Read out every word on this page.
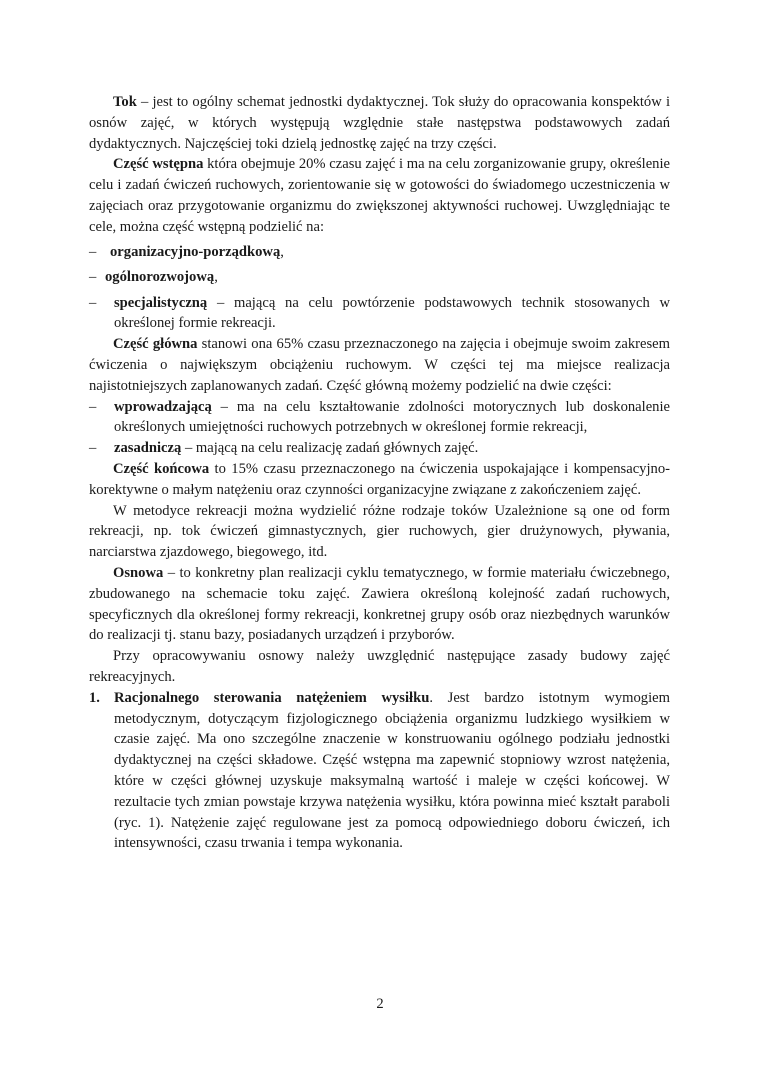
Tok – jest to ogólny schemat jednostki dydaktycznej. Tok służy do opracowania konspektów i osnów zajęć, w których występują względnie stałe następstwa podstawowych zadań dydaktycznych. Najczęściej toki dzielą jednostkę zajęć na trzy części.

Część wstępna która obejmuje 20% czasu zajęć i ma na celu zorganizowanie grupy, określenie celu i zadań ćwiczeń ruchowych, zorientowanie się w gotowości do świadomego uczestniczenia w zajęciach oraz przygotowanie organizmu do zwiększonej aktywności ruchowej. Uwzględniając te cele, można część wstępną podzielić na:

– organizacyjno-porządkową,
– ogólnorozwojową,
– specjalistyczną – mającą na celu powtórzenie podstawowych technik stosowanych w określonej formie rekreacji.

Część główna stanowi ona 65% czasu przeznaczonego na zajęcia i obejmuje swoim zakresem ćwiczenia o największym obciążeniu ruchowym. W części tej ma miejsce realizacja najistotniejszych zaplanowanych zadań. Część główną możemy podzielić na dwie części:

– wprowadzającą – ma na celu kształtowanie zdolności motorycznych lub doskonalenie określonych umiejętności ruchowych potrzebnych w określonej formie rekreacji,
– zasadniczą – mającą na celu realizację zadań głównych zajęć.

Część końcowa to 15% czasu przeznaczonego na ćwiczenia uspokajające i kompensacyjno-korektywne o małym natężeniu oraz czynności organizacyjne związane z zakończeniem zajęć.

W metodyce rekreacji można wydzielić różne rodzaje toków Uzależnione są one od form rekreacji, np. tok ćwiczeń gimnastycznych, gier ruchowych, gier drużynowych, pływania, narciarstwa zjazdowego, biegowego, itd.

Osnowa – to konkretny plan realizacji cyklu tematycznego, w formie materiału ćwiczebnego, zbudowanego na schemacie toku zajęć. Zawiera określoną kolejność zadań ruchowych, specyficznych dla określonej formy rekreacji, konkretnej grupy osób oraz niezbędnych warunków do realizacji tj. stanu bazy, posiadanych urządzeń i przyborów.

Przy opracowywaniu osnowy należy uwzględnić następujące zasady budowy zajęć rekreacyjnych.

1. Racjonalnego sterowania natężeniem wysiłku. Jest bardzo istotnym wymogiem metodycznym, dotyczącym fizjologicznego obciążenia organizmu ludzkiego wysiłkiem w czasie zajęć. Ma ono szczególne znaczenie w konstruowaniu ogólnego podziału jednostki dydaktycznej na części składowe. Część wstępna ma zapewnić stopniowy wzrost natężenia, które w części głównej uzyskuje maksymalną wartość i maleje w części końcowej. W rezultacie tych zmian powstaje krzywa natężenia wysiłku, która powinna mieć kształt paraboli (ryc. 1). Natężenie zajęć regulowane jest za pomocą odpowiedniego doboru ćwiczeń, ich intensywności, czasu trwania i tempa wykonania.
2
